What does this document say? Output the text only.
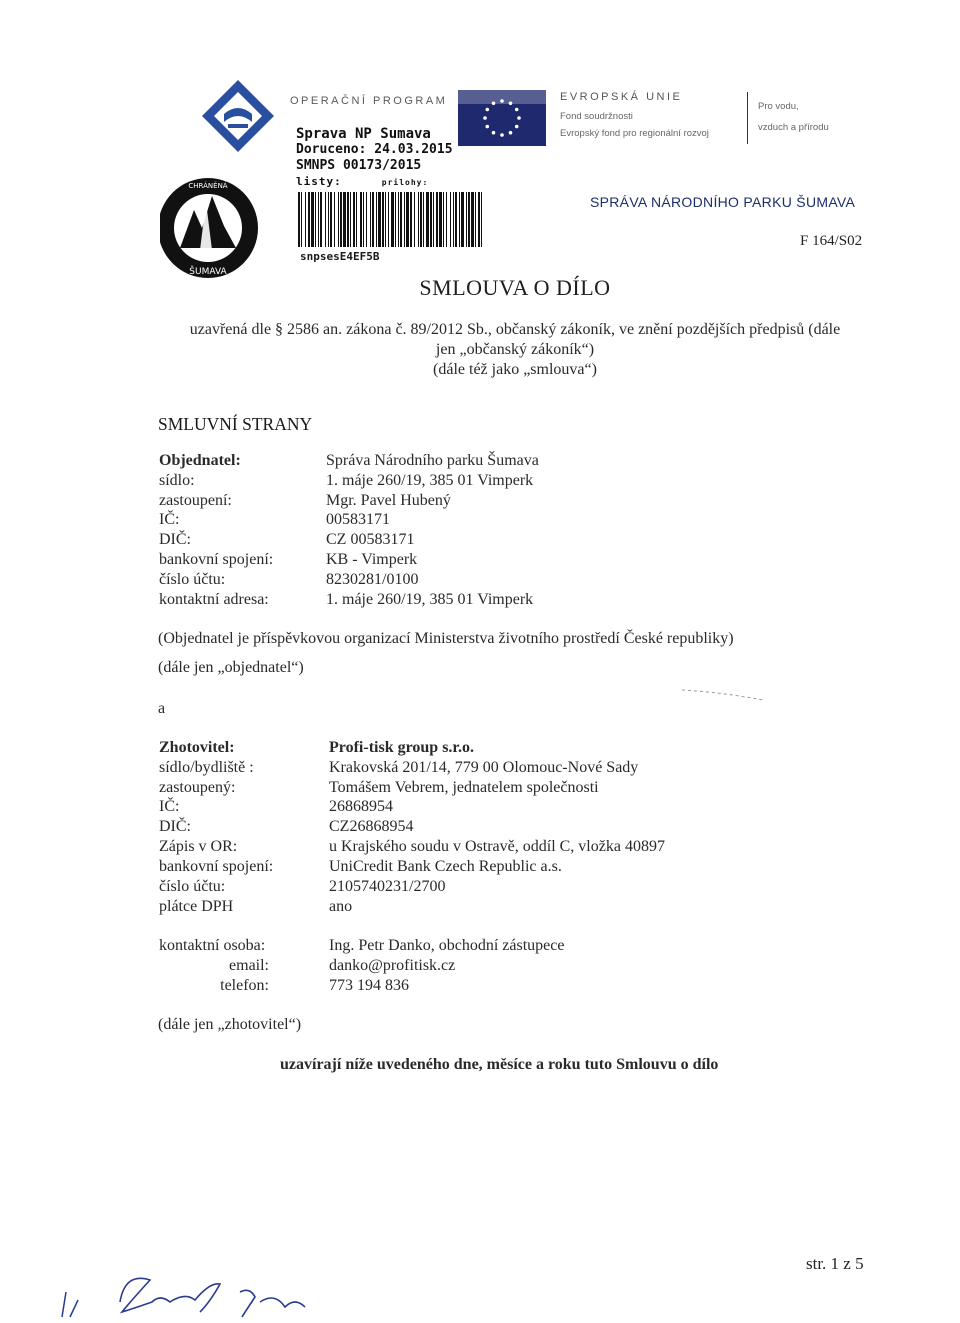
CHRÁNĚNÁ
ŠUMAVA
OPERAČNÍ PROGRAM
Sprava NP Sumava
Doruceno: 24.03.2015
SMNPS 00173/2015
listy:	prilohy:
snpsesE4EF5B
EVROPSKÁ UNIE
Fond soudržnosti
Evropský fond pro regionální rozvoj
Pro vodu,
vzduch a přírodu
SPRÁVA NÁRODNÍHO PARKU ŠUMAVA
F 164/S02
SMLOUVA O DÍLO
uzavřená dle § 2586 an. zákona č. 89/2012 Sb., občanský zákoník, ve znění pozdějších předpisů (dále
jen „občanský zákoník“)
(dále též jako „smlouva“)
SMLUVNÍ STRANY
Objednatel:	Správa Národního parku Šumava
sídlo:	1. máje 260/19, 385 01 Vimperk
zastoupení:	Mgr. Pavel Hubený
IČ:	00583171
DIČ:	CZ 00583171
bankovní spojení:	KB - Vimperk
číslo účtu:	8230281/0100
kontaktní adresa:	1. máje 260/19, 385 01 Vimperk
(Objednatel je příspěvkovou organizací Ministerstva životního prostředí České republiky)
(dále jen „objednatel“)
a
Zhotovitel:	Profi-tisk group s.r.o.
sídlo/bydliště :	Krakovská 201/14, 779 00 Olomouc-Nové Sady
zastoupený:	Tomášem Vebrem, jednatelem společnosti
IČ:	26868954
DIČ:	CZ26868954
Zápis v OR:	u Krajského soudu v Ostravě, oddíl C, vložka 40897
bankovní spojení:	UniCredit Bank Czech Republic a.s.
číslo účtu:	2105740231/2700
plátce DPH	ano
kontaktní osoba:	Ing. Petr Danko, obchodní zástupece
email:	danko@profitisk.cz
telefon:	773 194 836
(dále jen „zhotovitel“)
uzavírají níže uvedeného dne, měsíce a roku tuto Smlouvu o dílo
str. 1 z 5
